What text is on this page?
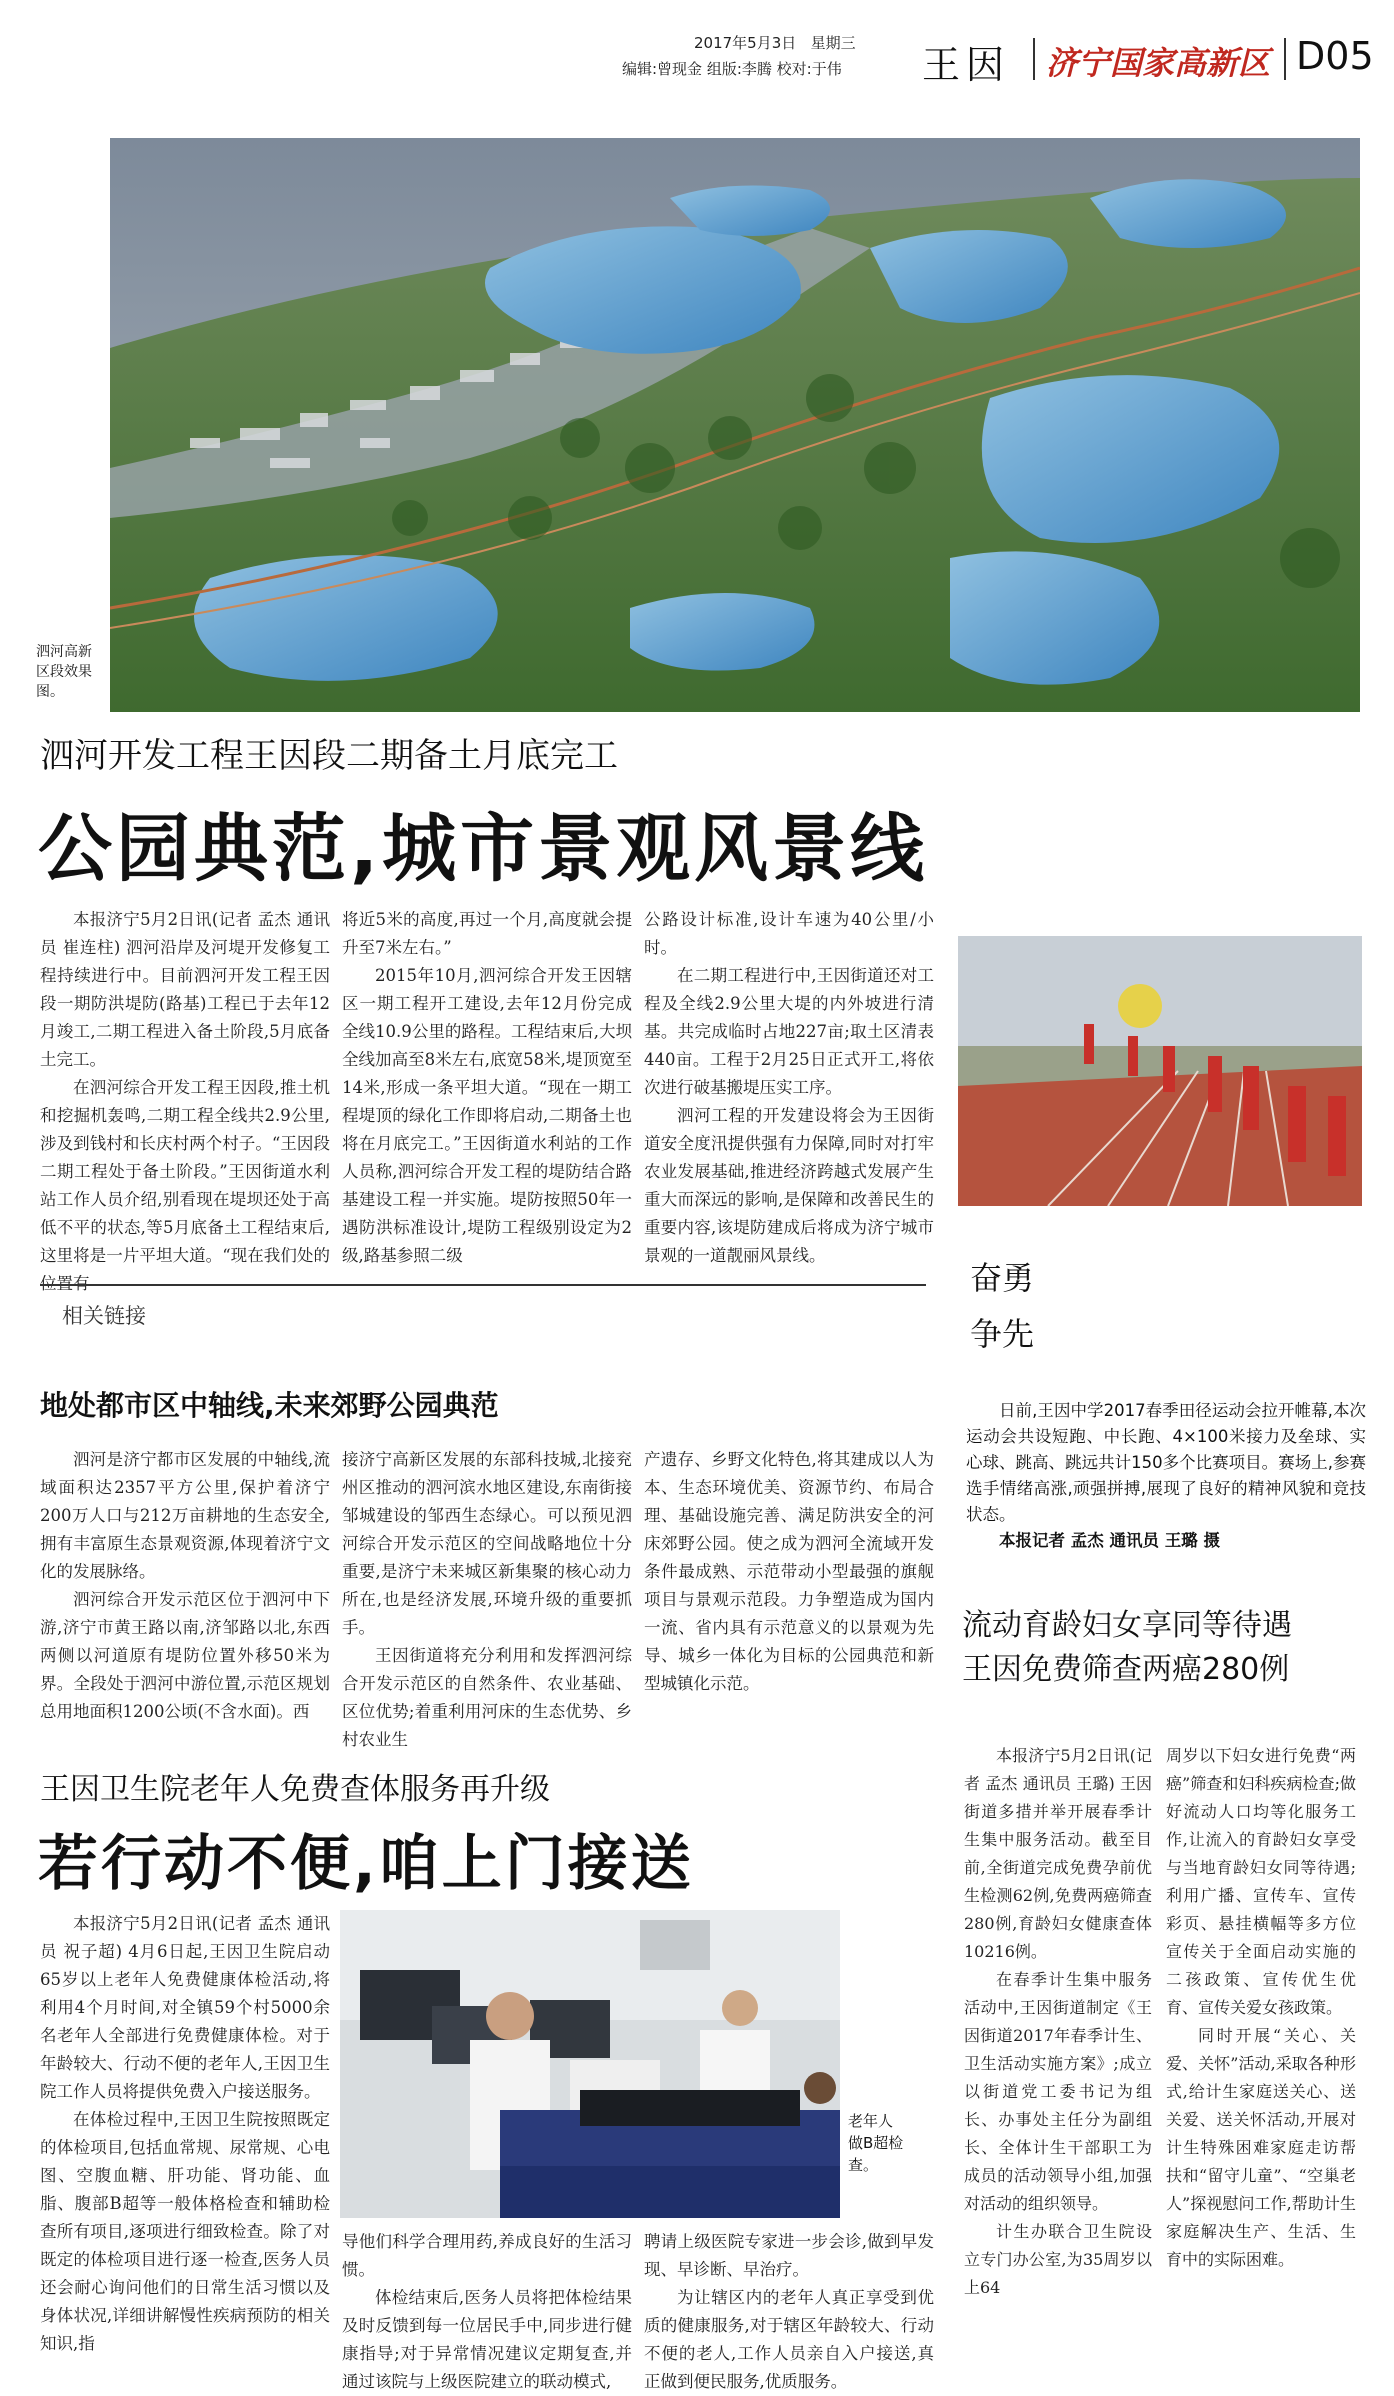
2017年5月3日 星期三
编辑:曾现金 组版:李腾 校对:于伟 王因 济宁国家高新区 D05
泗河高新区段效果图。
泗河开发工程王因段二期备土月底完工
公园典范,城市景观风景线

本报济宁5月2日讯(记者 孟杰 通讯员 崔连柱) 泗河沿岸及河堤开发修复工程持续进行中。目前泗河开发工程王因段一期防洪堤防(路基)工程已于去年12月竣工,二期工程进入备土阶段,5月底备土完工。

在泗河综合开发工程王因段,推土机和挖掘机轰鸣,二期工程全线共2.9公里,涉及到钱村和长庆村两个村子。“王因段二期工程处于备土阶段。”王因街道水利站工作人员介绍,别看现在堤坝还处于高低不平的状态,等5月底备土工程结束后,这里将是一片平坦大道。“现在我们处的

将近5米的高度,再过一个月,高度就会提升至7米左右。”

2015年10月,泗河综合开发王因辖区一期工程开工建设,去年12月份完成全线10.9公里的路程。工程结束后,大坝全线加高至8米左右,底宽58米,堤顶宽至14米,形成一条平坦大道。“现在一期工程堤顶的绿化工作即将启动,二期备土也将在月底完工。”王因街道水利站的工作人员称,泗河综合开发工程的堤防结合路基建设工程一并实施。堤防按照50年一遇防洪标准设计,堤防工程级别设定为2级,路基参照二级

公路设计标准,设计车速为40公里/小时。

在二期工程进行中,王因街道还对工程及全线2.9公里大堤的内外坡进行清基。共完成临时占地227亩;取土区清表440亩。工程于2月25日正式开工,将依次进行破基搬堤压实工序。

泗河工程的开发建设将会为王因街道安全度汛提供强有力保障,同时对打牢农业发展基础,推进经济跨越式发展产生重大而深远的影响,是保障和改善民生的重要内容,该堤防建成后将成为济宁城市景观的一道靓丽风景线。

奋勇
争先
日前,王因中学2017春季田径运动会拉开帷幕,本次运动会共设短跑、中长跑、4×100米接力及垒球、实心球、跳高、跳远共计150多个比赛项目。赛场上,参赛选手情绪高涨,顽强拼搏,展现了良好的精神风貌和竞技状态。
本报记者 孟杰 通讯员 王璐 摄
相关链接
地处都市区中轴线,未来郊野公园典范

泗河是济宁都市区发展的中轴线,流域面积达2357平方公里,保护着济宁200万人口与212万亩耕地的生态安全,拥有丰富原生态景观资源,体现着济宁文化的发展脉络。

泗河综合开发示范区位于泗河中下游,济宁市黄王路以南,济邹路以北,东西两侧以河道原有堤防位置外移50米为界。全段处于泗河中游位置,示范区规划总用地面积1200公顷(不含水面)。西

接济宁高新区发展的东部科技城,北接兖州区推动的泗河滨水地区建设,东南街接邹城建设的邹西生态绿心。可以预见泗河综合开发示范区的空间战略地位十分重要,是济宁未来城区新集聚的核心动力所在,也是经济发展,环境升级的重要抓手。

王因街道将充分利用和发挥泗河综合开发示范区的自然条件、农业基础、区位优势;着重利用河床的生态优势、乡村农业生

产遗存、乡野文化特色,将其建成以人为本、生态环境优美、资源节约、布局合理、基础设施完善、满足防洪安全的河床郊野公园。使之成为泗河全流域开发条件最成熟、示范带动小型最强的旗舰项目与景观示范段。力争塑造成为国内一流、省内具有示范意义的以景观为先导、城乡一体化为目标的公园典范和新型城镇化示范。

流动育龄妇女享同等待遇
王因免费筛查两癌280例

本报济宁5月2日讯(记者 孟杰 通讯员 王璐) 王因街道多措并举开展春季计生集中服务活动。截至目前,全街道完成免费孕前优生检测62例,免费两癌筛查280例,育龄妇女健康查体10216例。

在春季计生集中服务活动中,王因街道制定《王因街道2017年春季计生、卫生活动实施方案》;成立以街道党工委书记为组长、办事处主任分为副组长、全体计生干部职工为成员的活动领导小组,加强对活动的组织领导。

计生办联合卫生院设立专门办公室,为35周岁以上64

周岁以下妇女进行免费“两癌”筛查和妇科疾病检查;做好流动人口均等化服务工作,让流入的育龄妇女享受与当地育龄妇女同等待遇;利用广播、宣传车、宣传彩页、悬挂横幅等多方位宣传关于全面启动实施的二孩政策、宣传优生优育、宣传关爱女孩政策。

同时开展“关心、关爱、关怀”活动,采取各种形式,给计生家庭送关心、送关爱、送关怀活动,开展对计生特殊困难家庭走访帮扶和“留守儿童”、“空巢老人”探视慰问工作,帮助计生家庭解决生产、生活、生育中的实际困难。

王因卫生院老年人免费查体服务再升级
若行动不便,咱上门接送

本报济宁5月2日讯(记者 孟杰 通讯员 祝子超) 4月6日起,王因卫生院启动65岁以上老年人免费健康体检活动,将利用4个月时间,对全镇59个村5000余名老年人全部进行免费健康体检。对于年龄较大、行动不便的老年人,王因卫生院工作人员将提供免费入户接送服务。

在体检过程中,王因卫生院按照既定的体检项目,包括血常规、尿常规、心电图、空腹血糖、肝功能、肾功能、血脂、腹部B超等一般体格检查和辅助检查所有项目,逐项进行细致检查。除了对既定的体检项目进行逐一检查,医务人员还会耐心询问他们的日常生活习惯以及身体状况,详细讲解慢性疾病预防的相关知识,指

老年人做B超检查。

导他们科学合理用药,养成良好的生活习惯。

体检结束后,医务人员将把体检结果及时反馈到每一位居民手中,同步进行健康指导;对于异常情况建议定期复查,并通过该院与上级医院建立的联动模式,

聘请上级医院专家进一步会诊,做到早发现、早诊断、早治疗。

为让辖区内的老年人真正享受到优质的健康服务,对于辖区年龄较大、行动不便的老人,工作人员亲自入户接送,真正做到便民服务,优质服务。
